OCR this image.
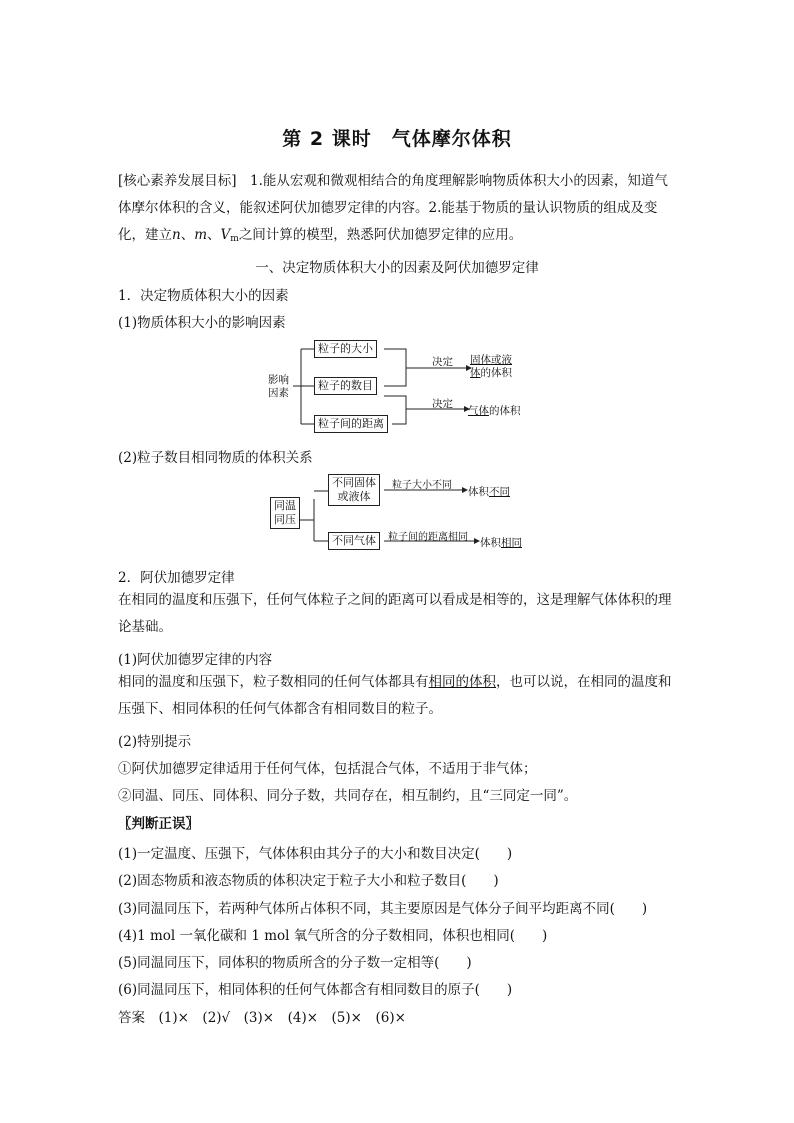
第 2 课时　气体摩尔体积
[核心素养发展目标]　1.能从宏观和微观相结合的角度理解影响物质体积大小的因素，知道气体摩尔体积的含义，能叙述阿伏加德罗定律的内容。2.能基于物质的量认识物质的组成及变化，建立n、m、$V_m$之间计算的模型，熟悉阿伏加德罗定律的应用。
一、决定物质体积大小的因素及阿伏加德罗定律
1．决定物质体积大小的因素
(1)物质体积大小的影响因素
影响
因素
粒子的大小
粒子的数目
粒子间的距离
决定
决定
固体或液
体的体积
气体的体积
(2)粒子数目相同物质的体积关系
同温
同压
不同固体
或液体
不同气体
粒子大小不同
粒子间的距离相同
体积不同
体积相同
2．阿伏加德罗定律
在相同的温度和压强下，任何气体粒子之间的距离可以看成是相等的，这是理解气体体积的理论基础。
(1)阿伏加德罗定律的内容
相同的温度和压强下，粒子数相同的任何气体都具有相同的体积，也可以说，在相同的温度和压强下、相同体积的任何气体都含有相同数目的粒子。
(2)特别提示
①阿伏加德罗定律适用于任何气体，包括混合气体，不适用于非气体；
②同温、同压、同体积、同分子数，共同存在，相互制约，且“三同定一同”。
〖判断正误〗
(1)一定温度、压强下，气体体积由其分子的大小和数目决定(　　)
(2)固态物质和液态物质的体积决定于粒子大小和粒子数目(　　)
(3)同温同压下，若两种气体所占体积不同，其主要原因是气体分子间平均距离不同(　　)
(4)1 mol 一氧化碳和 1 mol 氧气所含的分子数相同，体积也相同(　　)
(5)同温同压下，同体积的物质所含的分子数一定相等(　　)
(6)同温同压下，相同体积的任何气体都含有相同数目的原子(　　)
答案　(1)×　(2)√　(3)×　(4)×　(5)×　(6)×
